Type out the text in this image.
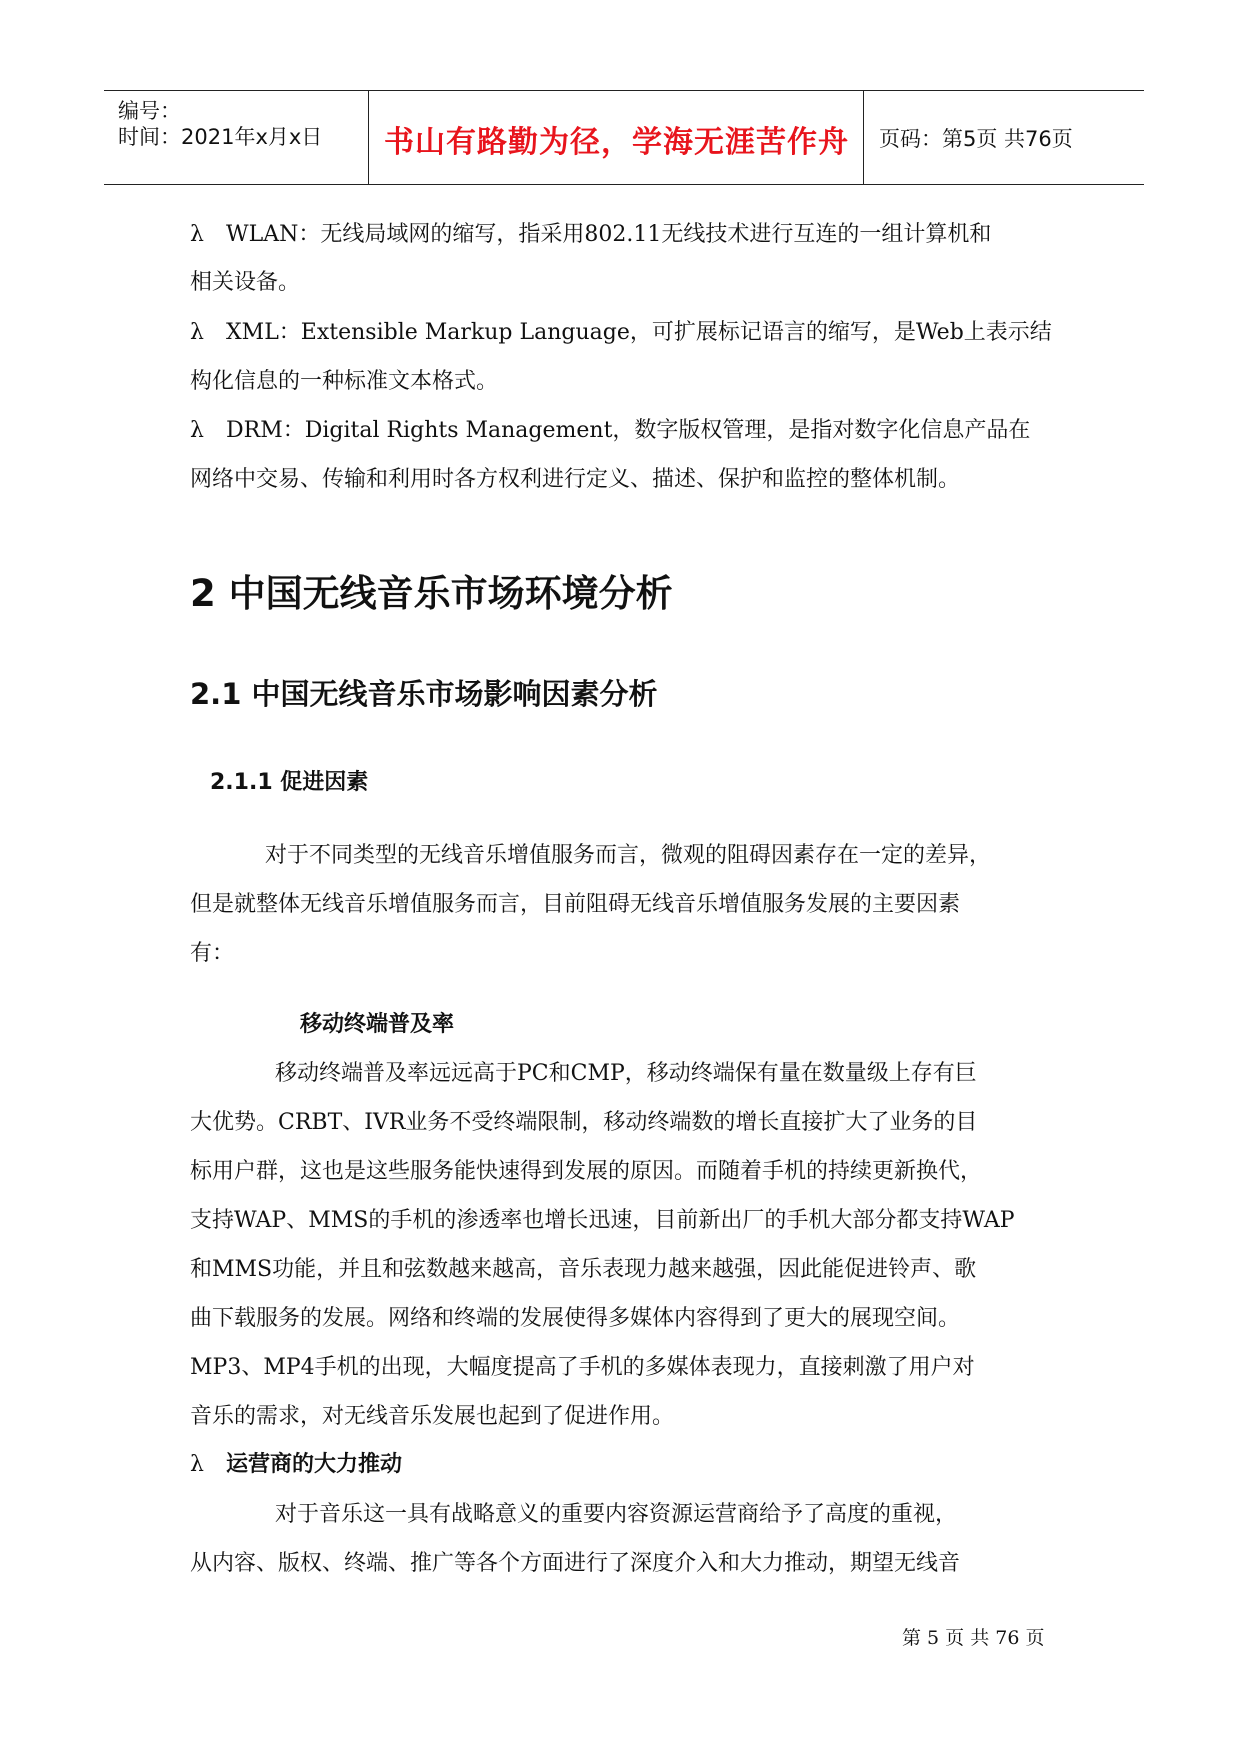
编号：
时间：2021年x月x日	书山有路勤为径，学海无涯苦作舟	页码：第5页 共76页
λ WLAN：无线局域网的缩写，指采用802.11无线技术进行互连的一组计算机和
相关设备。
λ XML：Extensible Markup Language，可扩展标记语言的缩写，是Web上表示结
构化信息的一种标准文本格式。
λ DRM：Digital Rights Management，数字版权管理，是指对数字化信息产品在
网络中交易、传输和利用时各方权利进行定义、描述、保护和监控的整体机制。
2 中国无线音乐市场环境分析
2.1 中国无线音乐市场影响因素分析
2.1.1 促进因素
对于不同类型的无线音乐增值服务而言，微观的阻碍因素存在一定的差异，
但是就整体无线音乐增值服务而言，目前阻碍无线音乐增值服务发展的主要因素
有：
移动终端普及率
移动终端普及率远远高于PC和CMP，移动终端保有量在数量级上存有巨
大优势。CRBT、IVR业务不受终端限制，移动终端数的增长直接扩大了业务的目
标用户群，这也是这些服务能快速得到发展的原因。而随着手机的持续更新换代，
支持WAP、MMS的手机的渗透率也增长迅速，目前新出厂的手机大部分都支持WAP
和MMS功能，并且和弦数越来越高，音乐表现力越来越强，因此能促进铃声、歌
曲下载服务的发展。网络和终端的发展使得多媒体内容得到了更大的展现空间。
MP3、MP4手机的出现，大幅度提高了手机的多媒体表现力，直接刺激了用户对
音乐的需求，对无线音乐发展也起到了促进作用。
λ 运营商的大力推动
对于音乐这一具有战略意义的重要内容资源运营商给予了高度的重视，
从内容、版权、终端、推广等各个方面进行了深度介入和大力推动，期望无线音
第 5 页 共 76 页
